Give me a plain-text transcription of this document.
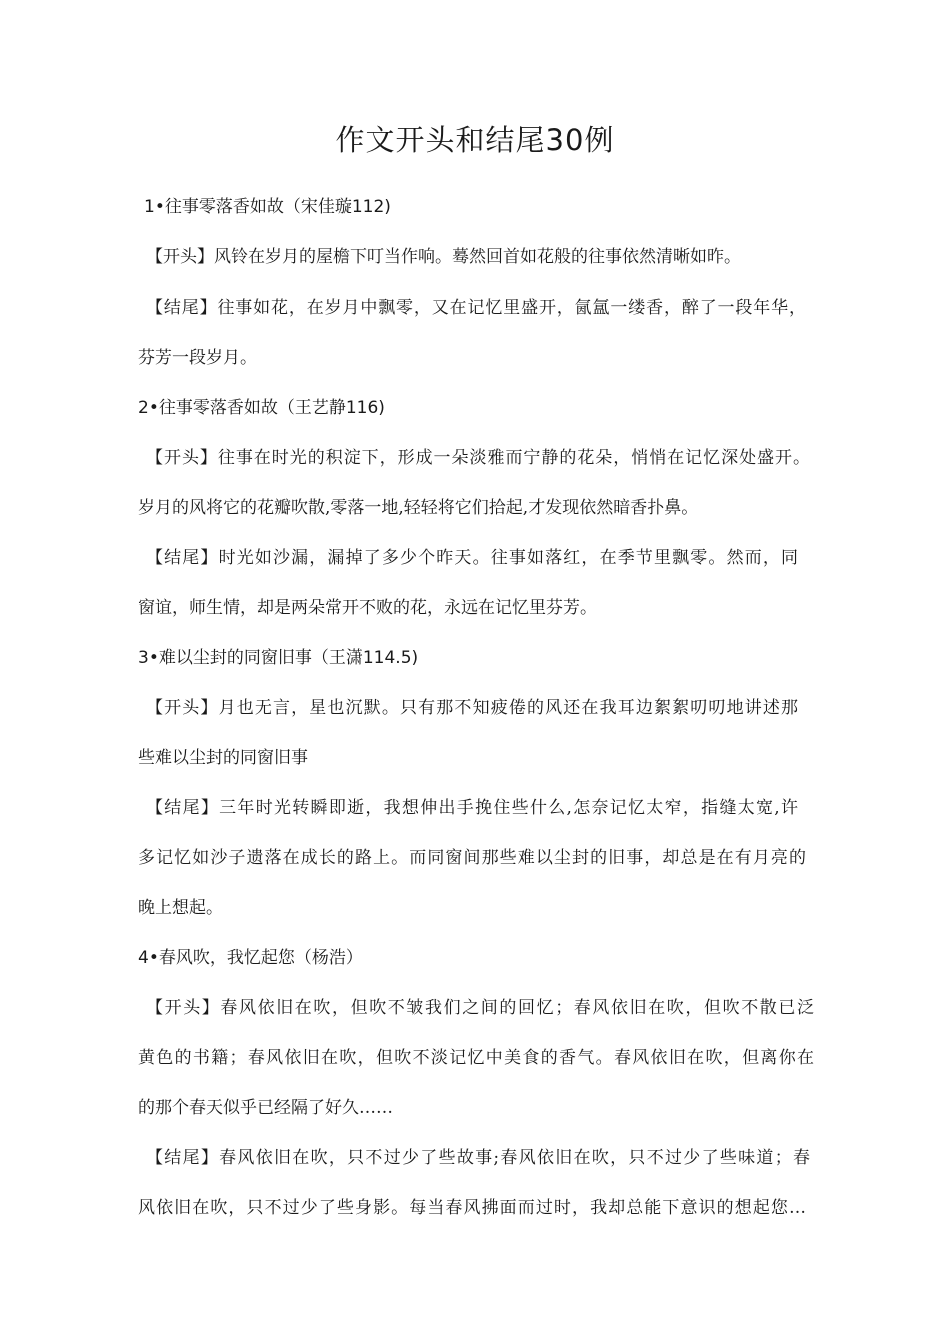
作文开头和结尾30例
1•往事零落香如故（宋佳璇112)
【开头】风铃在岁月的屋檐下叮当作响。蓦然回首如花般的往事依然清晰如昨。
【结尾】往事如花，在岁月中飘零，又在记忆里盛开，氤氲一缕香，醉了一段年华，
芬芳一段岁月。
2•往事零落香如故（王艺静116)
【开头】往事在时光的积淀下，形成一朵淡雅而宁静的花朵，悄悄在记忆深处盛开。
岁月的风将它的花瓣吹散,零落一地,轻轻将它们拾起,才发现依然暗香扑鼻。
【结尾】时光如沙漏，漏掉了多少个昨天。往事如落红，在季节里飘零。然而，同
窗谊，师生情，却是两朵常开不败的花，永远在记忆里芬芳。
3•难以尘封的同窗旧事（王潇114.5)
【开头】月也无言，星也沉默。只有那不知疲倦的风还在我耳边絮絮叨叨地讲述那
些难以尘封的同窗旧事
【结尾】三年时光转瞬即逝，我想伸出手挽住些什么,怎奈记忆太窄，指缝太宽,许
多记忆如沙子遗落在成长的路上。而同窗间那些难以尘封的旧事，却总是在有月亮的
晚上想起。
4•春风吹，我忆起您（杨浩）
【开头】春风依旧在吹，但吹不皱我们之间的回忆；春风依旧在吹，但吹不散已泛
黄色的书籍；春风依旧在吹，但吹不淡记忆中美食的香气。春风依旧在吹，但离你在
的那个春天似乎已经隔了好久……
【结尾】春风依旧在吹，只不过少了些故事;春风依旧在吹，只不过少了些味道；春
风依旧在吹，只不过少了些身影。每当春风拂面而过时，我却总能下意识的想起您…
